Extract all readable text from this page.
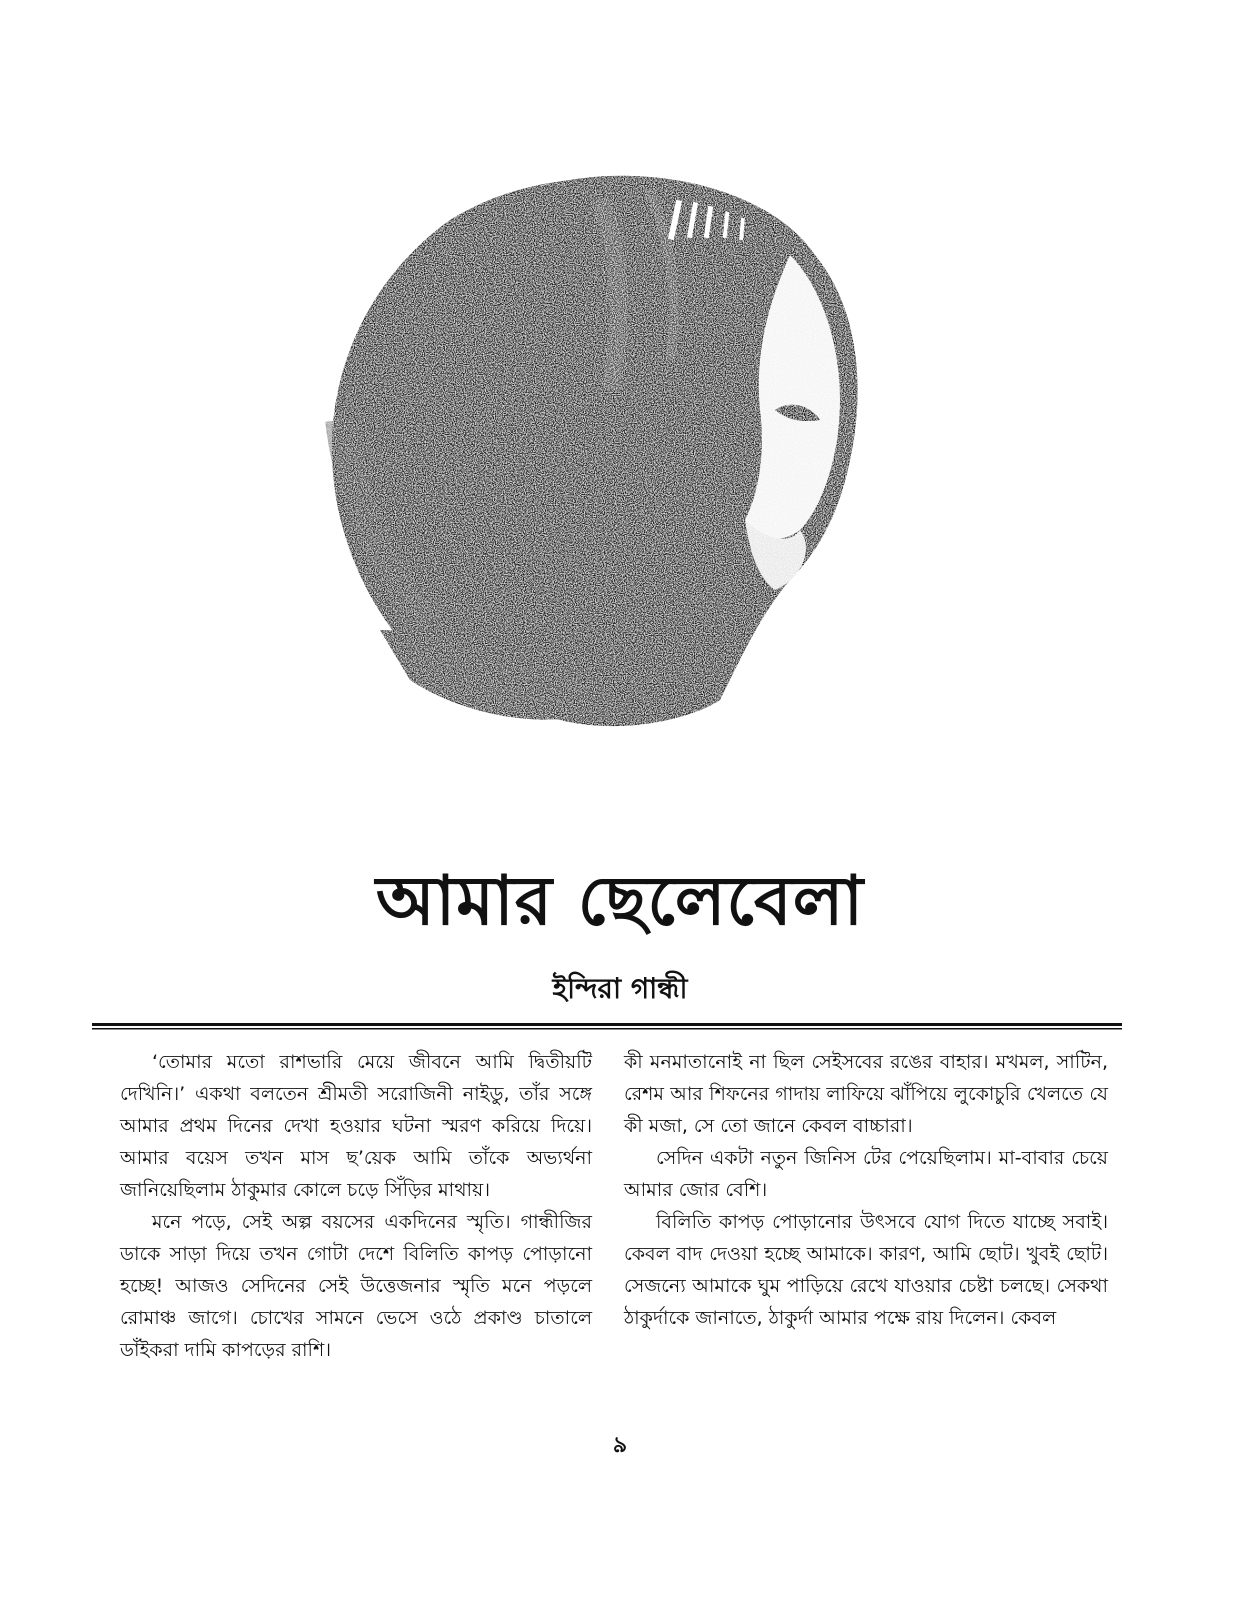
আমার ছেলেবেলা
ইন্দিরা গান্ধী

‘তোমার মতো রাশভারি মেয়ে জীবনে আমি দ্বিতীয়টি দেখিনি।’ একথা বলতেন শ্রীমতী সরোজিনী নাইডু, তাঁর সঙ্গে আমার প্রথম দিনের দেখা হওয়ার ঘটনা স্মরণ করিয়ে দিয়ে। আমার বয়েস তখন মাস ছ’য়েক আমি তাঁকে অভ্যর্থনা জানিয়েছিলাম ঠাকুমার কোলে চড়ে সিঁড়ির মাথায়।

মনে পড়ে, সেই অল্প বয়সের একদিনের স্মৃতি। গান্ধীজির ডাকে সাড়া দিয়ে তখন গোটা দেশে বিলিতি কাপড় পোড়ানো হচ্ছে! আজও সেদিনের সেই উত্তেজনার স্মৃতি মনে পড়লে রোমাঞ্চ জাগে। চোখের সামনে ভেসে ওঠে প্রকাণ্ড চাতালে ডাঁইকরা দামি কাপড়ের রাশি।

কী মনমাতানোই না ছিল সেইসবের রঙের বাহার। মখমল, সাটিন, রেশম আর শিফনের গাদায় লাফিয়ে ঝাঁপিয়ে লুকোচুরি খেলতে যে কী মজা, সে তো জানে কেবল বাচ্চারা।

সেদিন একটা নতুন জিনিস টের পেয়েছিলাম। মা-বাবার চেয়ে আমার জোর বেশি।

বিলিতি কাপড় পোড়ানোর উৎসবে যোগ দিতে যাচ্ছে সবাই। কেবল বাদ দেওয়া হচ্ছে আমাকে। কারণ, আমি ছোট। খুবই ছোট। সেজন্যে আমাকে ঘুম পাড়িয়ে রেখে যাওয়ার চেষ্টা চলছে। সেকথা ঠাকুর্দাকে জানাতে, ঠাকুর্দা আমার পক্ষে রায় দিলেন। কেবল

৯
